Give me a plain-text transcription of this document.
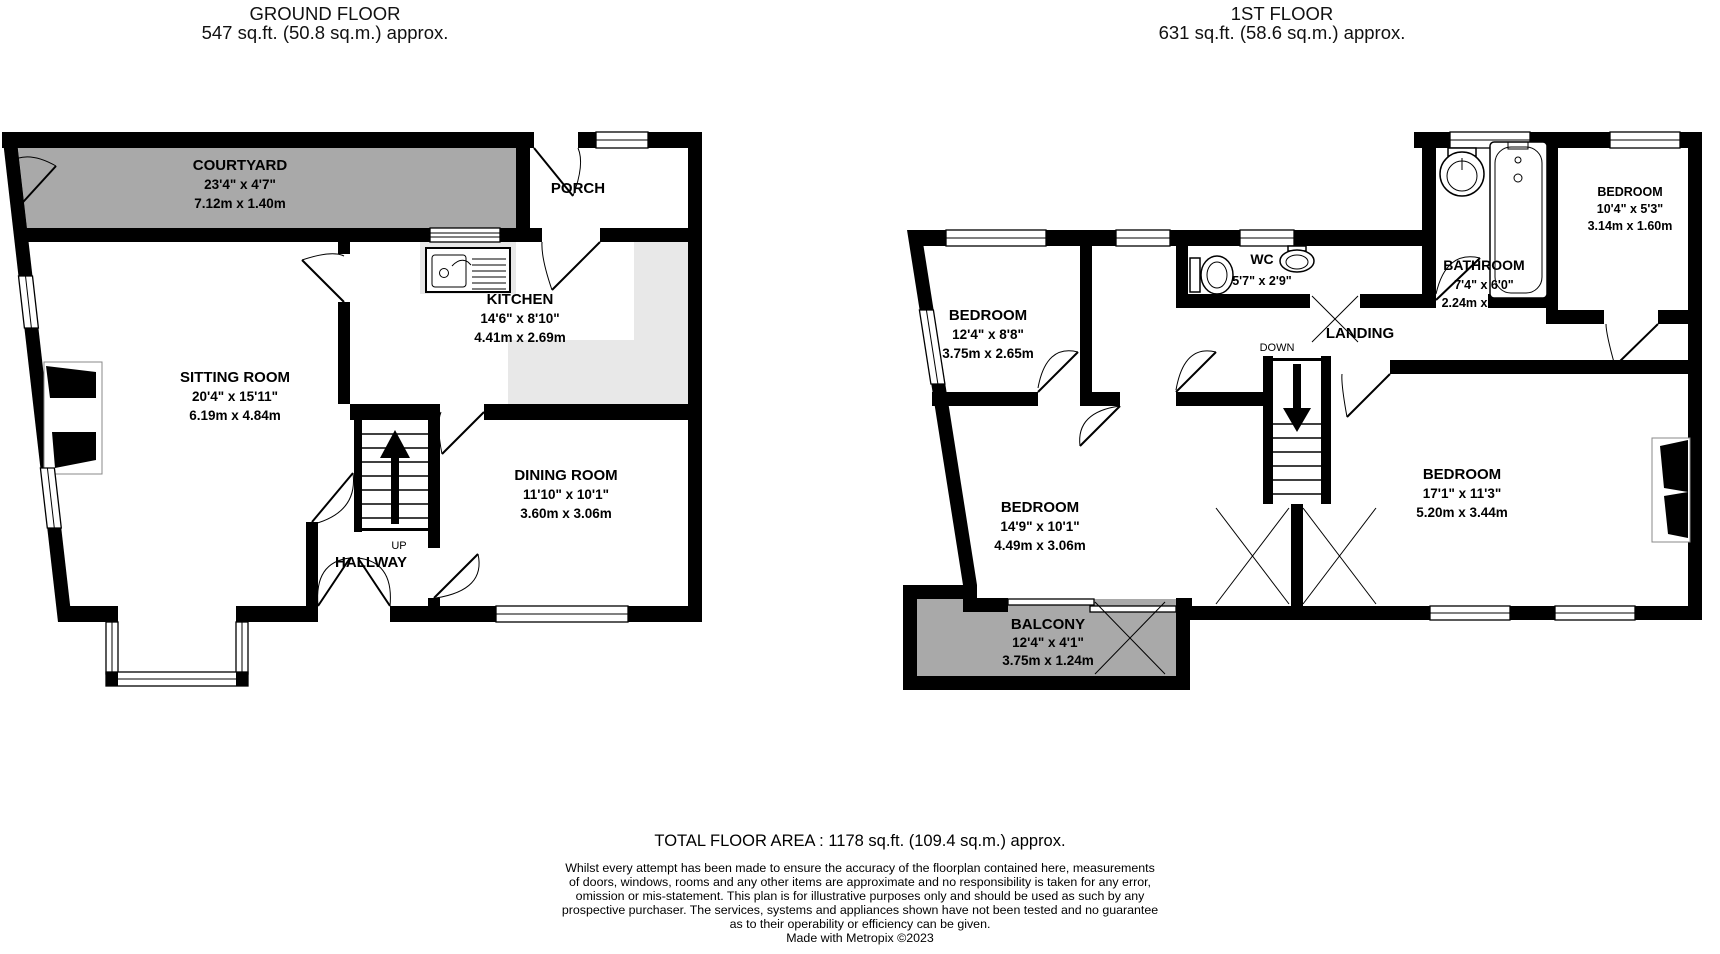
GROUND FLOOR
547 sq.ft. (50.8 sq.m.) approx.
1ST FLOOR
631 sq.ft. (58.6 sq.m.) approx.
COURTYARD
23'4" x 4'7"
7.12m x 1.40m
PORCH
KITCHEN
14'6" x 8'10"
4.41m x 2.69m
SITTING ROOM
20'4" x 15'11"
6.19m x 4.84m
DINING ROOM
11'10" x 10'1"
3.60m x 3.06m
HALLWAY
UP
BEDROOM
12'4" x 8'8"
3.75m x 2.65m
WC
5'7" x 2'9"
1.70m x 0.84m
BATHROOM
7'4" x 6'0"
2.24m x 1.84m
BEDROOM
10'4" x 5'3"
3.14m x 1.60m
LANDING
DOWN
BEDROOM
14'9" x 10'1"
4.49m x 3.06m
BEDROOM
17'1" x 11'3"
5.20m x 3.44m
BALCONY
12'4" x 4'1"
3.75m x 1.24m
TOTAL FLOOR AREA : 1178 sq.ft. (109.4 sq.m.) approx.
Whilst every attempt has been made to ensure the accuracy of the floorplan contained here, measurements
of doors, windows, rooms and any other items are approximate and no responsibility is taken for any error,
omission or mis-statement. This plan is for illustrative purposes only and should be used as such by any
prospective purchaser. The services, systems and appliances shown have not been tested and no guarantee
as to their operability or efficiency can be given.
Made with Metropix ©2023
